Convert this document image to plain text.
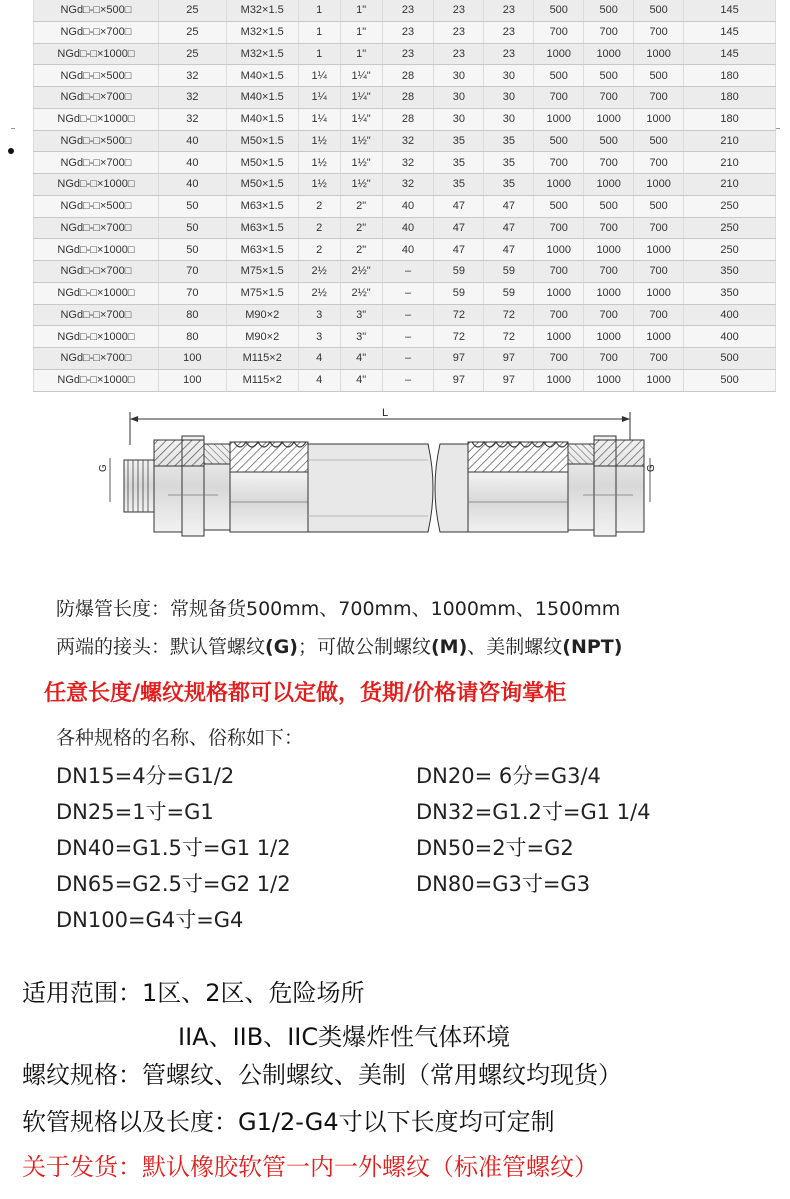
NGd□-□×500□	25	M32×1.5	1	1"	23	23	23	500	500	500	145
NGd□-□×700□	25	M32×1.5	1	1"	23	23	23	700	700	700	145
NGd□-□×1000□	25	M32×1.5	1	1"	23	23	23	1000	1000	1000	145
NGd□-□×500□	32	M40×1.5	1¼	1¼"	28	30	30	500	500	500	180
NGd□-□×700□	32	M40×1.5	1¼	1¼"	28	30	30	700	700	700	180
NGd□-□×1000□	32	M40×1.5	1¼	1¼"	28	30	30	1000	1000	1000	180
NGd□-□×500□	40	M50×1.5	1½	1½"	32	35	35	500	500	500	210
NGd□-□×700□	40	M50×1.5	1½	1½"	32	35	35	700	700	700	210
NGd□-□×1000□	40	M50×1.5	1½	1½"	32	35	35	1000	1000	1000	210
NGd□-□×500□	50	M63×1.5	2	2"	40	47	47	500	500	500	250
NGd□-□×700□	50	M63×1.5	2	2"	40	47	47	700	700	700	250
NGd□-□×1000□	50	M63×1.5	2	2"	40	47	47	1000	1000	1000	250
NGd□-□×700□	70	M75×1.5	2½	2½"	–	59	59	700	700	700	350
NGd□-□×1000□	70	M75×1.5	2½	2½"	–	59	59	1000	1000	1000	350
NGd□-□×700□	80	M90×2	3	3"	–	72	72	700	700	700	400
NGd□-□×1000□	80	M90×2	3	3"	–	72	72	1000	1000	1000	400
NGd□-□×700□	100	M115×2	4	4"	–	97	97	700	700	700	500
NGd□-□×1000□	100	M115×2	4	4"	–	97	97	1000	1000	1000	500
L
G	G
防爆管长度：常规备货500mm、700mm、1000mm、1500mm
两端的接头：默认管螺纹(G)；可做公制螺纹(M)、美制螺纹(NPT)
任意长度/螺纹规格都可以定做，货期/价格请咨询掌柜
各种规格的名称、俗称如下：
DN15=4分=G1/2	DN20= 6分=G3/4
DN25=1寸=G1	DN32=G1.2寸=G1 1/4
DN40=G1.5寸=G1 1/2	DN50=2寸=G2
DN65=G2.5寸=G2 1/2	DN80=G3寸=G3
DN100=G4寸=G4
适用范围：1区、2区、危险场所
IIA、IIB、IIC类爆炸性气体环境
螺纹规格：管螺纹、公制螺纹、美制（常用螺纹均现货）
软管规格以及长度：G1/2-G4寸以下长度均可定制
关于发货：默认橡胶软管一内一外螺纹（标准管螺纹）
